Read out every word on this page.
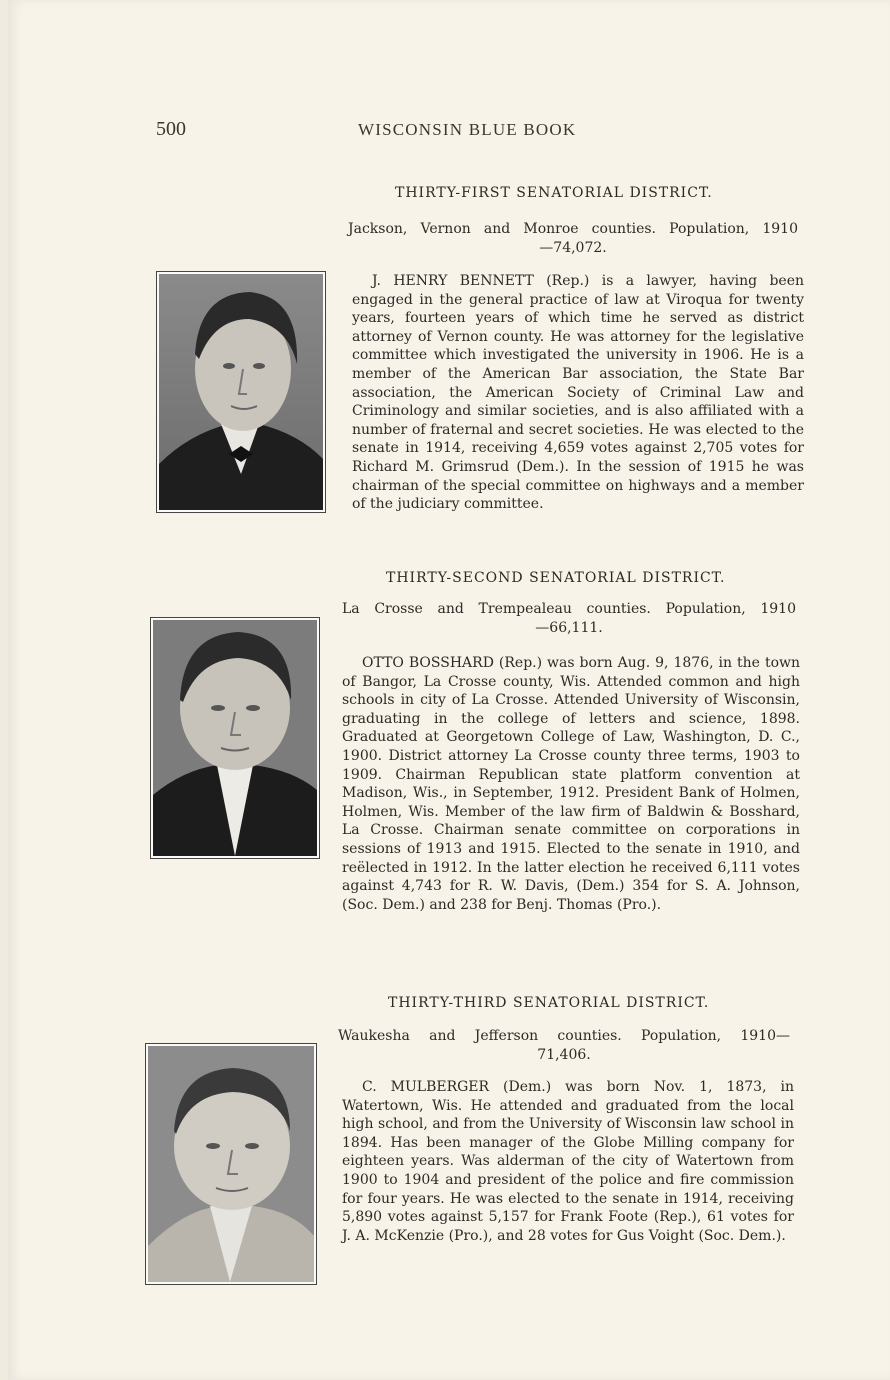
500	WISCONSIN BLUE BOOK
THIRTY-FIRST SENATORIAL DISTRICT.
Jackson, Vernon and Monroe counties. Population, 1910
—74,072.

J. HENRY BENNETT (Rep.) is a lawyer, having been engaged in the general practice of law at Viroqua for twenty years, fourteen years of which time he served as district attorney of Vernon county. He was attorney for the legislative committee which investigated the university in 1906. He is a member of the American Bar association, the State Bar association, the American Society of Criminal Law and Criminology and similar societies, and is also affiliated with a number of fraternal and secret societies. He was elected to the senate in 1914, receiving 4,659 votes against 2,705 votes for Richard M. Grimsrud (Dem.). In the session of 1915 he was chairman of the special committee on highways and a member of the judiciary committee.

THIRTY-SECOND SENATORIAL DISTRICT.
La Crosse and Trempealeau counties. Population, 1910
—66,111.

OTTO BOSSHARD (Rep.) was born Aug. 9, 1876, in the town of Bangor, La Crosse county, Wis. Attended common and high schools in city of La Crosse. Attended University of Wisconsin, graduating in the college of letters and science, 1898. Graduated at Georgetown College of Law, Washington, D. C., 1900. District attorney La Crosse county three terms, 1903 to 1909. Chairman Republican state platform convention at Madison, Wis., in September, 1912. President Bank of Holmen, Holmen, Wis. Member of the law firm of Baldwin & Bosshard, La Crosse. Chairman senate committee on corporations in sessions of 1913 and 1915. Elected to the senate in 1910, and reëlected in 1912. In the latter election he received 6,111 votes against 4,743 for R. W. Davis, (Dem.) 354 for S. A. Johnson, (Soc. Dem.) and 238 for Benj. Thomas (Pro.).

THIRTY-THIRD SENATORIAL DISTRICT.
Waukesha and Jefferson counties. Population, 1910—
71,406.

C. MULBERGER (Dem.) was born Nov. 1, 1873, in Watertown, Wis. He attended and graduated from the local high school, and from the University of Wisconsin law school in 1894. Has been manager of the Globe Milling company for eighteen years. Was alderman of the city of Watertown from 1900 to 1904 and president of the police and fire commission for four years. He was elected to the senate in 1914, receiving 5,890 votes against 5,157 for Frank Foote (Rep.), 61 votes for J. A. McKenzie (Pro.), and 28 votes for Gus Voight (Soc. Dem.).
